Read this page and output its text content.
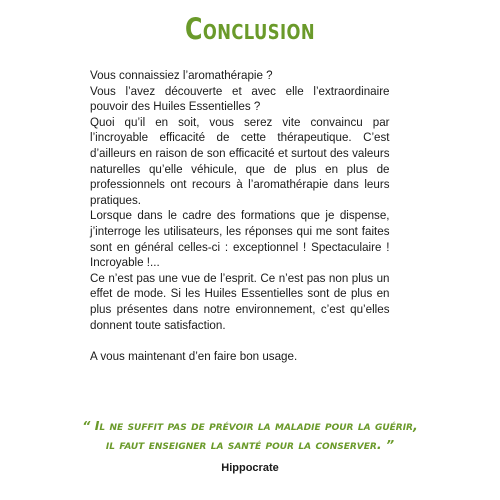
Conclusion

Vous connaissiez l’aromathérapie ?

Vous l’avez découverte et avec elle l’extraordinaire pouvoir des Huiles Essentielles ?

Quoi qu’il en soit, vous serez vite convaincu par l’incroyable efficacité de cette thérapeutique. C’est d’ailleurs en raison de son efficacité et surtout des valeurs naturelles qu’elle véhicule, que de plus en plus de professionnels ont recours à l’aromathérapie dans leurs pratiques.

Lorsque dans le cadre des formations que je dispense, j’interroge les utilisateurs, les réponses qui me sont faites sont en général celles-ci : exceptionnel ! Spectaculaire ! Incroyable !...

Ce n’est pas une vue de l’esprit. Ce n’est pas non plus un effet de mode. Si les Huiles Essentielles sont de plus en plus présentes dans notre environnement, c’est qu’elles donnent toute satisfaction.

A vous maintenant d’en faire bon usage.

“ Il ne suffit pas de prévoir la maladie pour la guérir,
il faut enseigner la santé pour la conserver. ”
Hippocrate
